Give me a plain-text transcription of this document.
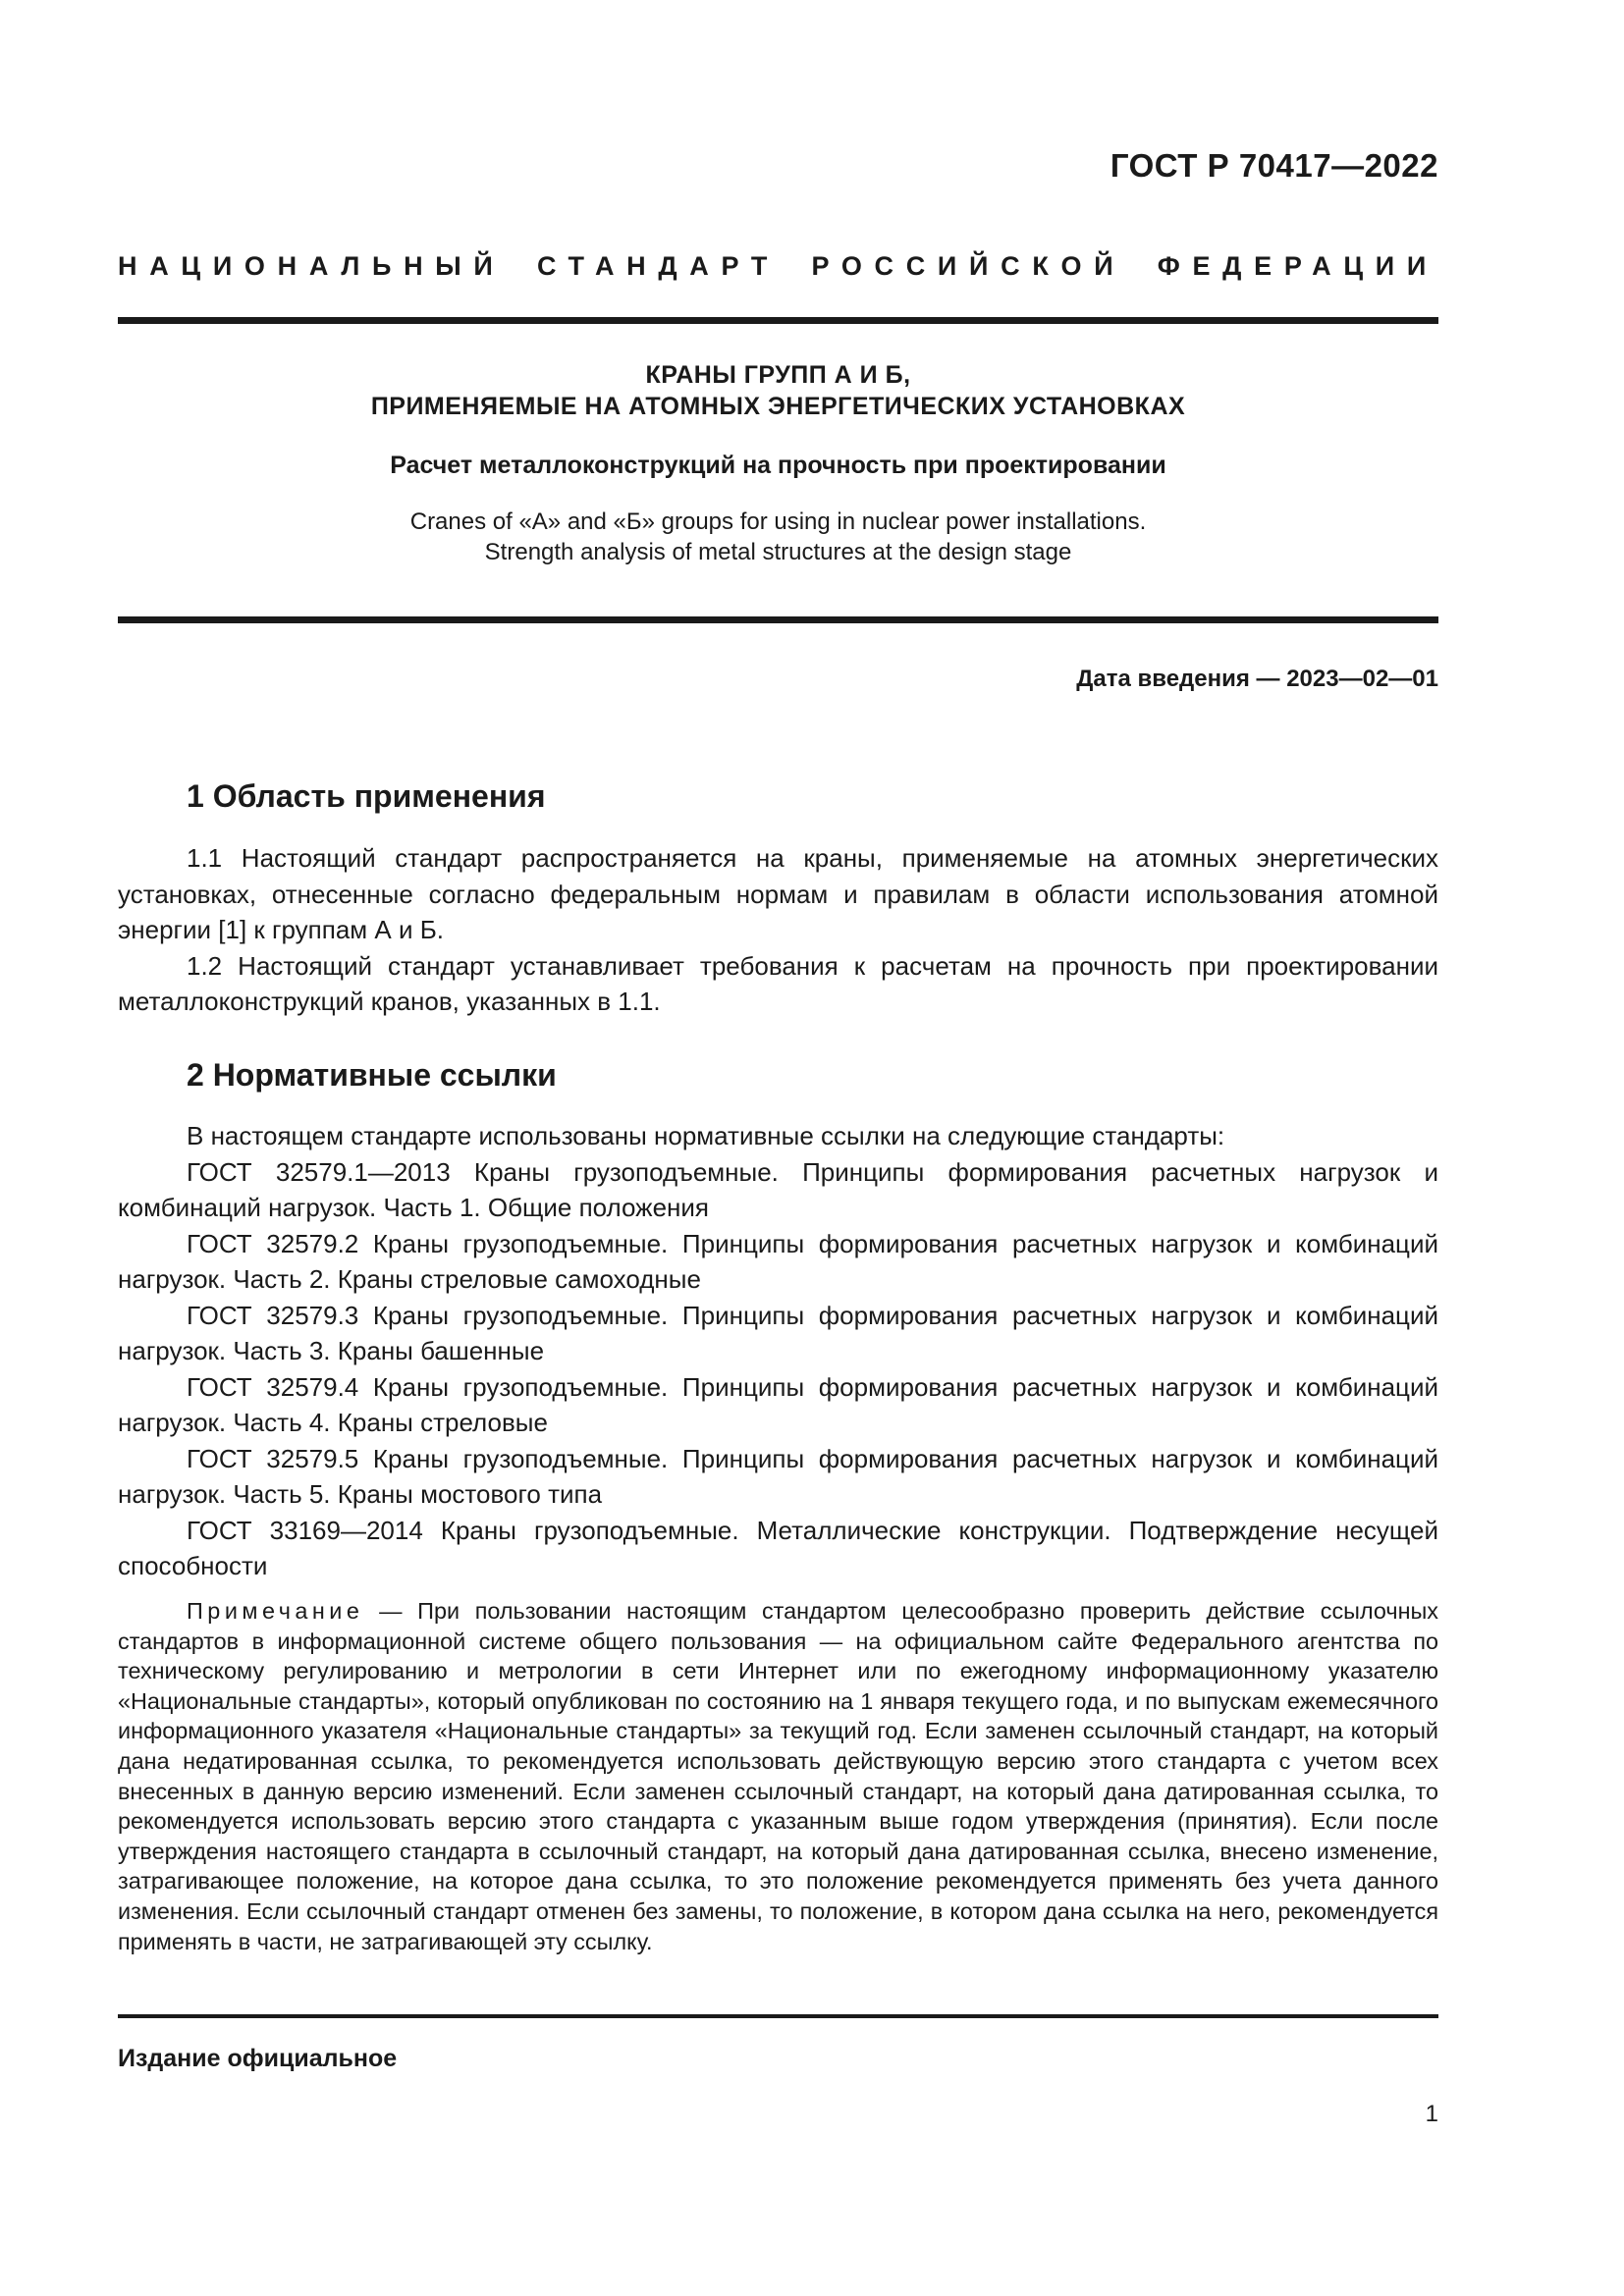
ГОСТ Р 70417—2022
НАЦИОНАЛЬНЫЙ СТАНДАРТ РОССИЙСКОЙ ФЕДЕРАЦИИ
КРАНЫ ГРУПП А И Б,
ПРИМЕНЯЕМЫЕ НА АТОМНЫХ ЭНЕРГЕТИЧЕСКИХ УСТАНОВКАХ
Расчет металлоконструкций на прочность при проектировании
Cranes of «A» and «Б» groups for using in nuclear power installations.
Strength analysis of metal structures at the design stage
Дата введения — 2023—02—01
1 Область применения

1.1 Настоящий стандарт распространяется на краны, применяемые на атомных энергетических установках, отнесенные согласно федеральным нормам и правилам в области использования атомной энергии [1] к группам А и Б.

1.2 Настоящий стандарт устанавливает требования к расчетам на прочность при проектировании металлоконструкций кранов, указанных в 1.1.

2 Нормативные ссылки

В настоящем стандарте использованы нормативные ссылки на следующие стандарты:

ГОСТ 32579.1—2013 Краны грузоподъемные. Принципы формирования расчетных нагрузок и комбинаций нагрузок. Часть 1. Общие положения

ГОСТ 32579.2 Краны грузоподъемные. Принципы формирования расчетных нагрузок и комбинаций нагрузок. Часть 2. Краны стреловые самоходные

ГОСТ 32579.3 Краны грузоподъемные. Принципы формирования расчетных нагрузок и комбинаций нагрузок. Часть 3. Краны башенные

ГОСТ 32579.4 Краны грузоподъемные. Принципы формирования расчетных нагрузок и комбинаций нагрузок. Часть 4. Краны стреловые

ГОСТ 32579.5 Краны грузоподъемные. Принципы формирования расчетных нагрузок и комбинаций нагрузок. Часть 5. Краны мостового типа

ГОСТ 33169—2014 Краны грузоподъемные. Металлические конструкции. Подтверждение несущей способности

Примечание — При пользовании настоящим стандартом целесообразно проверить действие ссылочных стандартов в информационной системе общего пользования — на официальном сайте Федерального агентства по техническому регулированию и метрологии в сети Интернет или по ежегодному информационному указателю «Национальные стандарты», который опубликован по состоянию на 1 января текущего года, и по выпускам ежемесячного информационного указателя «Национальные стандарты» за текущий год. Если заменен ссылочный стандарт, на который дана недатированная ссылка, то рекомендуется использовать действующую версию этого стандарта с учетом всех внесенных в данную версию изменений. Если заменен ссылочный стандарт, на который дана датированная ссылка, то рекомендуется использовать версию этого стандарта с указанным выше годом утверждения (принятия). Если после утверждения настоящего стандарта в ссылочный стандарт, на который дана датированная ссылка, внесено изменение, затрагивающее положение, на которое дана ссылка, то это положение рекомендуется применять без учета данного изменения. Если ссылочный стандарт отменен без замены, то положение, в котором дана ссылка на него, рекомендуется применять в части, не затрагивающей эту ссылку.

Издание официальное
1
